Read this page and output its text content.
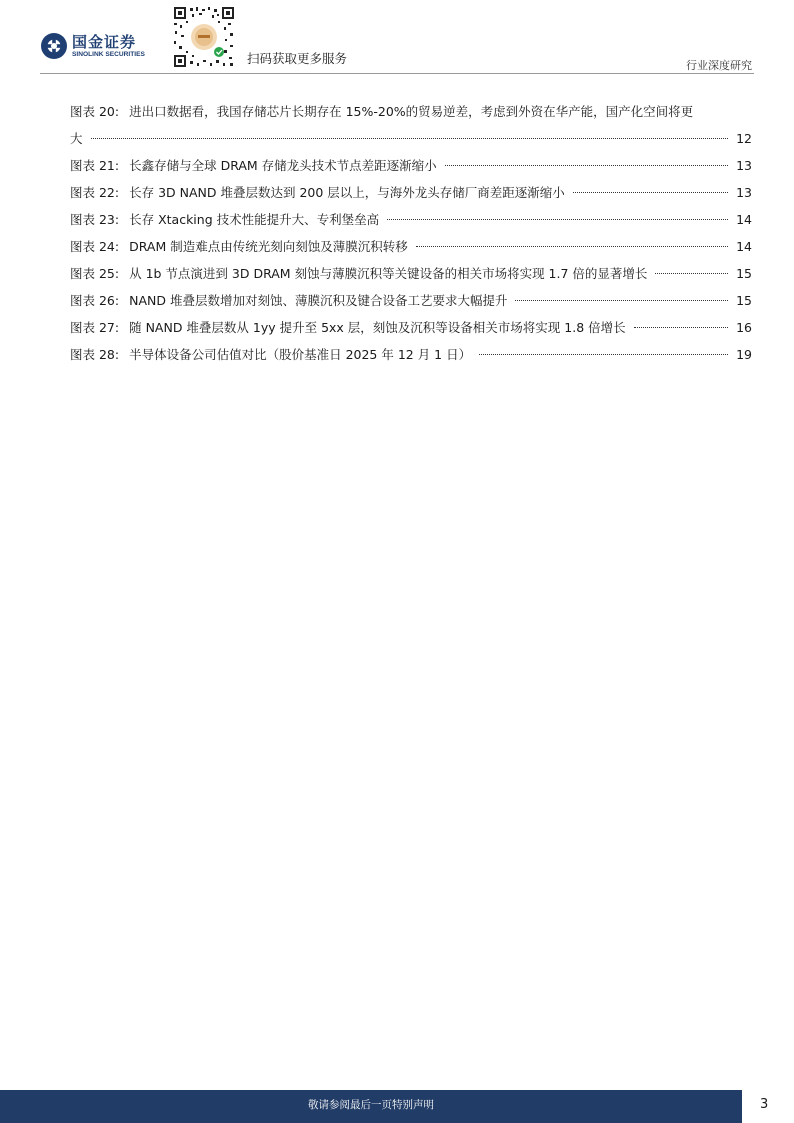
国金证券
SINOLINK SECURITIES	扫码获取更多服务	行业深度研究
图表 20: 进出口数据看，我国存储芯片长期存在 15%-20%的贸易逆差，考虑到外资在华产能，国产化空间将更
大	12
图表 21: 长鑫存储与全球 DRAM 存储龙头技术节点差距逐渐缩小	13
图表 22: 长存 3D NAND 堆叠层数达到 200 层以上，与海外龙头存储厂商差距逐渐缩小	13
图表 23: 长存 Xtacking 技术性能提升大、专利堡垒高	14
图表 24: DRAM 制造难点由传统光刻向刻蚀及薄膜沉积转移	14
图表 25: 从 1b 节点演进到 3D DRAM 刻蚀与薄膜沉积等关键设备的相关市场将实现 1.7 倍的显著增长	15
图表 26: NAND 堆叠层数增加对刻蚀、薄膜沉积及键合设备工艺要求大幅提升	15
图表 27: 随 NAND 堆叠层数从 1yy 提升至 5xx 层，刻蚀及沉积等设备相关市场将实现 1.8 倍增长	16
图表 28: 半导体设备公司估值对比（股价基准日 2025 年 12 月 1 日）	19
敬请参阅最后一页特别声明	3
